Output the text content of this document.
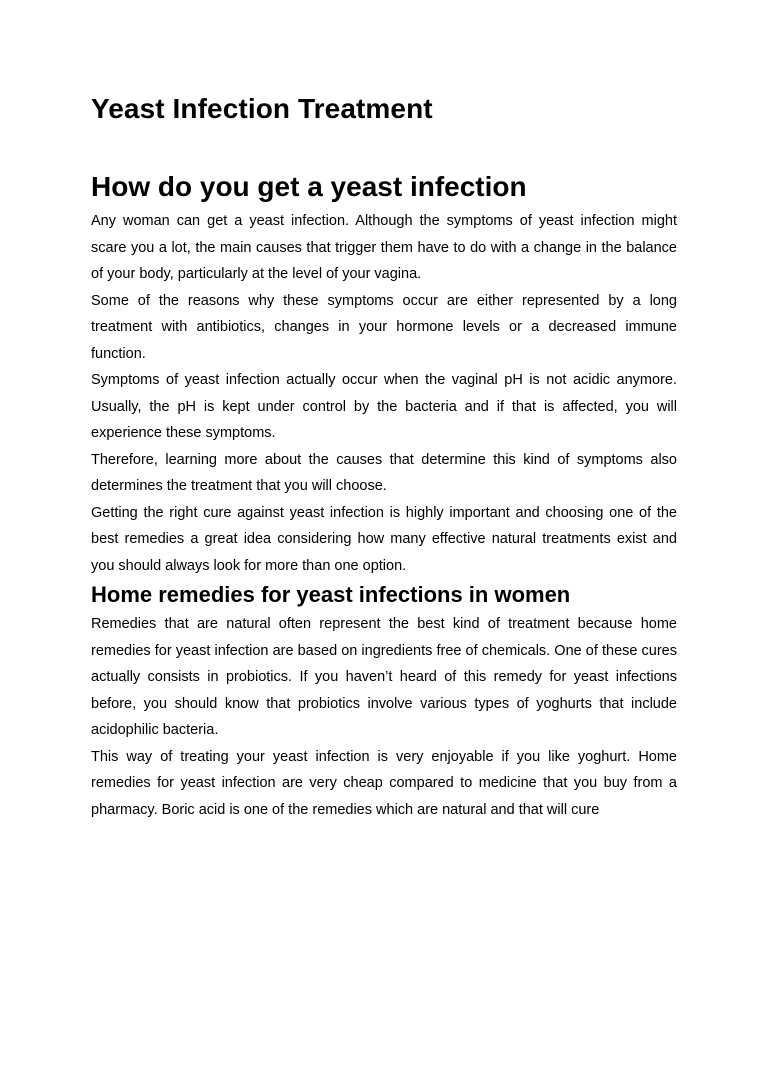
Yeast Infection Treatment
How do you get a yeast infection

Any woman can get a yeast infection. Although the symptoms of yeast infection might scare you a lot, the main causes that trigger them have to do with a change in the balance of your body, particularly at the level of your vagina.

Some of the reasons why these symptoms occur are either represented by a long treatment with antibiotics, changes in your hormone levels or a decreased immune function.

Symptoms of yeast infection actually occur when the vaginal pH is not acidic anymore. Usually, the pH is kept under control by the bacteria and if that is affected, you will experience these symptoms.

Therefore, learning more about the causes that determine this kind of symptoms also determines the treatment that you will choose.

Getting the right cure against yeast infection is highly important and choosing one of the best remedies a great idea considering how many effective natural treatments exist and you should always look for more than one option.

Home remedies for yeast infections in women

Remedies that are natural often represent the best kind of treatment because home remedies for yeast infection are based on ingredients free of chemicals. One of these cures actually consists in probiotics. If you haven’t heard of this remedy for yeast infections before, you should know that probiotics involve various types of yoghurts that include acidophilic bacteria.

This way of treating your yeast infection is very enjoyable if you like yoghurt. Home remedies for yeast infection are very cheap compared to medicine that you buy from a pharmacy. Boric acid is one of the remedies which are natural and that will cure
